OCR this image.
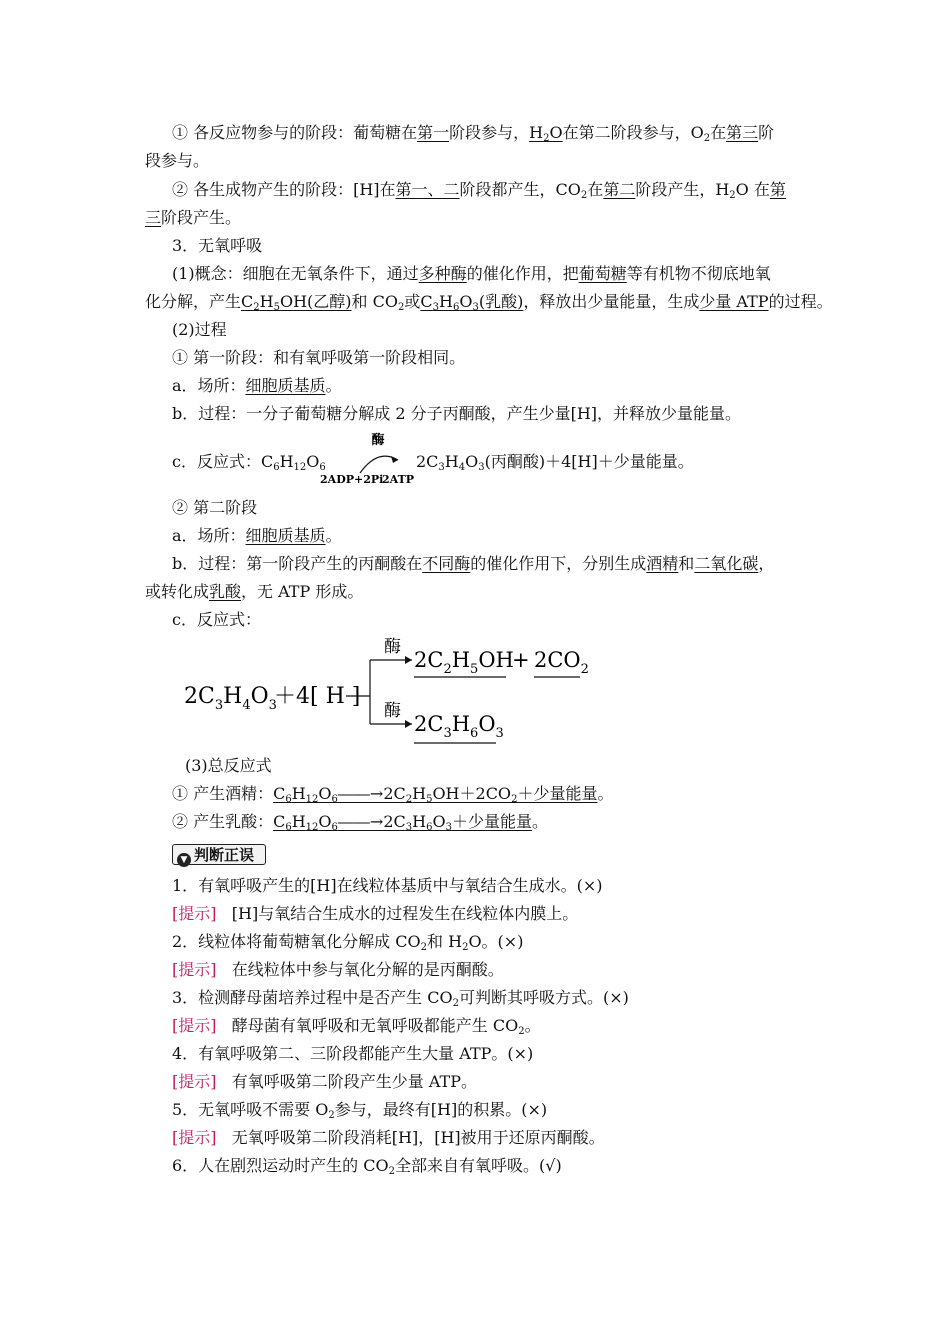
① 各反应物参与的阶段：葡萄糖在第一阶段参与，$H_2O$在第二阶段参与，$O_2$在第三阶
段参与。
② 各生成物产生的阶段：[H]在第一、二阶段都产生，$CO_2$在第二阶段产生，$H_2O$ 在第
三阶段产生。
3．无氧呼吸
(1)概念：细胞在无氧条件下，通过多种酶的催化作用，把葡萄糖等有机物不彻底地氧
化分解，产生$C_2H_5OH$(乙醇)和 $CO_2$或$C_3H_6O_3$(乳酸)，释放出少量能量，生成少量 ATP的过程。
(2)过程
① 第一阶段：和有氧呼吸第一阶段相同。
a．场所：细胞质基质。
b．过程：一分子葡萄糖分解成 2 分子丙酮酸，产生少量[H]，并释放少量能量。
c．反应式：$C_6H_{12}O_6$
酶
2ADP+2Pi
2ATP
$2C_3H_4O_3$(丙酮酸)＋4[H]＋少量能量。
② 第二阶段
a．场所：细胞质基质。
b．过程：第一阶段产生的丙酮酸在不同酶的催化作用下，分别生成酒精和二氧化碳，
或转化成乳酸，无 ATP 形成。
c．反应式：
$2C_3H_4O_3$
＋4[ H ]
酶
酶
$2C_2H_5OH$
+ $2CO_2$
$2C_3H_6O_3$
(3)总反应式
① 产生酒精：$C_6H_{12}O_6――\to 2C_2H_5OH+2CO_2+$少量能量。
② 产生乳酸：$C_6H_{12}O_6――\to 2C_3H_6O_3+$少量能量。
▼ 判断正误
1．有氧呼吸产生的[H]在线粒体基质中与氧结合生成水。(×)
[提示] [H]与氧结合生成水的过程发生在线粒体内膜上。
2．线粒体将葡萄糖氧化分解成 $CO_2$和 $H_2O$。(×)
[提示] 在线粒体中参与氧化分解的是丙酮酸。
3．检测酵母菌培养过程中是否产生 $CO_2$可判断其呼吸方式。(×)
[提示] 酵母菌有氧呼吸和无氧呼吸都能产生 $CO_2$。
4．有氧呼吸第二、三阶段都能产生大量 ATP。(×)
[提示] 有氧呼吸第二阶段产生少量 ATP。
5．无氧呼吸不需要 $O_2$参与，最终有[H]的积累。(×)
[提示] 无氧呼吸第二阶段消耗[H]，[H]被用于还原丙酮酸。
6．人在剧烈运动时产生的 $CO_2$全部来自有氧呼吸。(√)
